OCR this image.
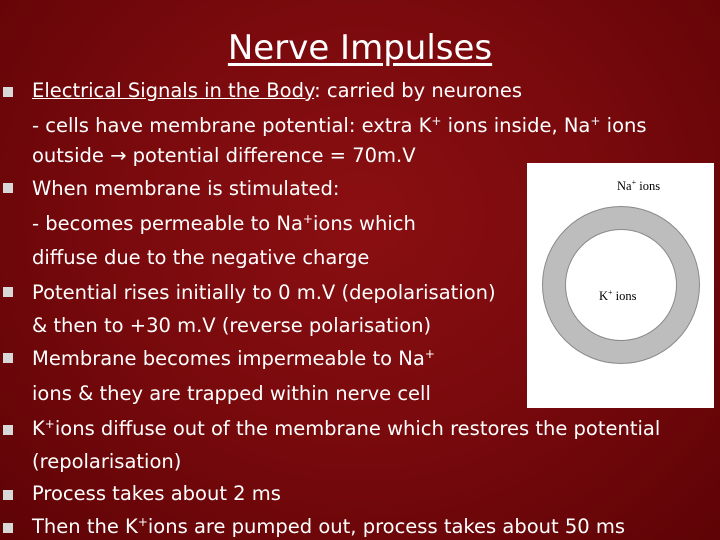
Nerve Impulses
Electrical Signals in the Body: carried by neurones
- cells have membrane potential: extra K+ ions inside, Na+ ions
outside → potential difference = 70m.V
When membrane is stimulated:
- becomes permeable to Na+ions which
diffuse due to the negative charge
Potential rises initially to 0 m.V (depolarisation)
& then to +30 m.V (reverse polarisation)
Membrane becomes impermeable to Na+
ions & they are trapped within nerve cell
K+ions diffuse out of the membrane which restores the potential
(repolarisation)
Process takes about 2 ms
Then the K+ions are pumped out, process takes about 50 ms
Na+ ions
K+ ions
